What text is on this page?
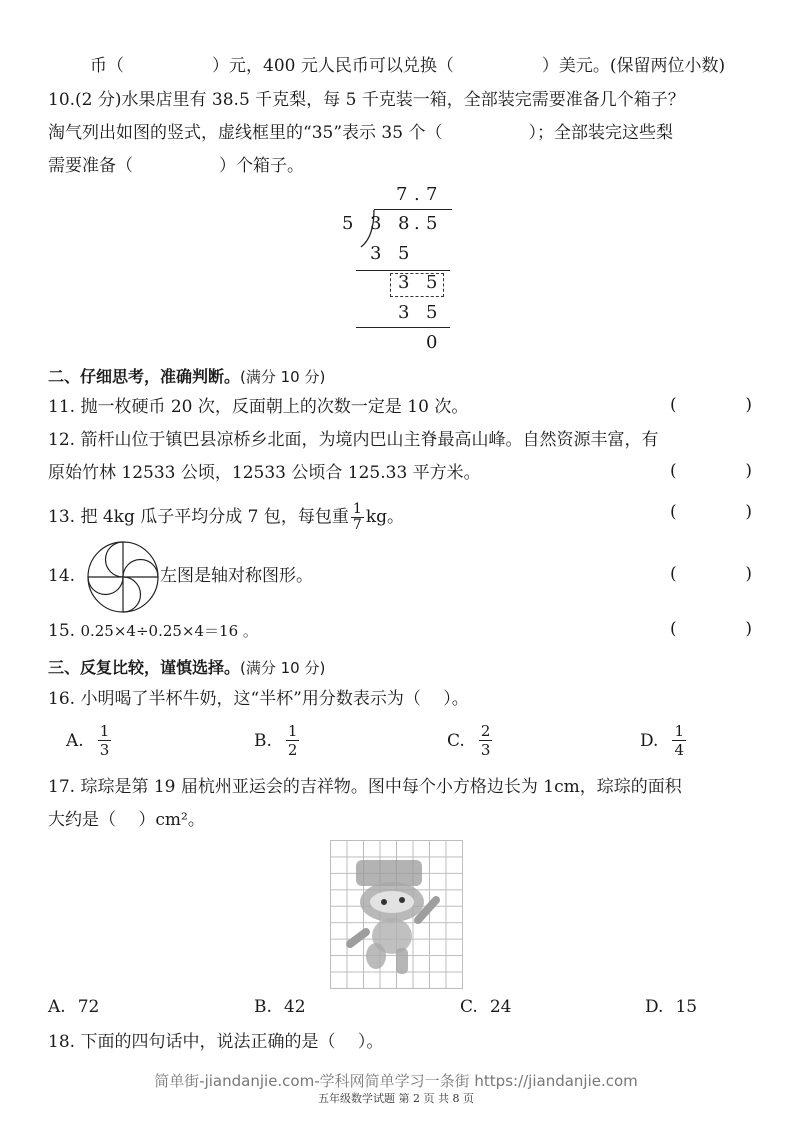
币（	）元，400 元人民币可以兑换（	）美元。(保留两位小数)
10.(2 分)水果店里有 38.5 千克梨，每 5 千克装一箱，全部装完需要准备几个箱子？
淘气列出如图的竖式，虚线框里的“35”表示 35 个（	）；全部装完这些梨
需要准备（	）个箱子。
7 . 7
5 3 8 . 5
3 5
3 5
3 5
0
二、仔细思考，准确判断。(满分 10 分)
11. 抛一枚硬币 20 次，反面朝上的次数一定是 10 次。	(	)
12. 箭杆山位于镇巴县凉桥乡北面，为境内巴山主脊最高山峰。自然资源丰富，有
原始竹林 12533 公顷，12533 公顷合 125.33 平方米。	(	)
13. 把 4kg 瓜子平均分成 7 包，每包重 $\frac{1}{7}$ kg。	(	)
14.	左图是轴对称图形。	(	)
15. 0.25×4÷0.25×4＝16 。	(	)
三、反复比较，谨慎选择。(满分 10 分)
16. 小明喝了半杯牛奶，这“半杯”用分数表示为（　 ）。
A. $\frac{1}{3}$	B. $\frac{1}{2}$	C. $\frac{2}{3}$	D. $\frac{1}{4}$
17. 琮琮是第 19 届杭州亚运会的吉祥物。图中每个小方格边长为 1cm，琮琮的面积
大约是（　 ）cm²。
A. 72	B. 42	C. 24	D. 15
18. 下面的四句话中，说法正确的是（　 ）。
简单街-jiandanjie.com-学科网简单学习一条街 https://jiandanjie.com
五年级数学试题 第 2 页 共 8 页
